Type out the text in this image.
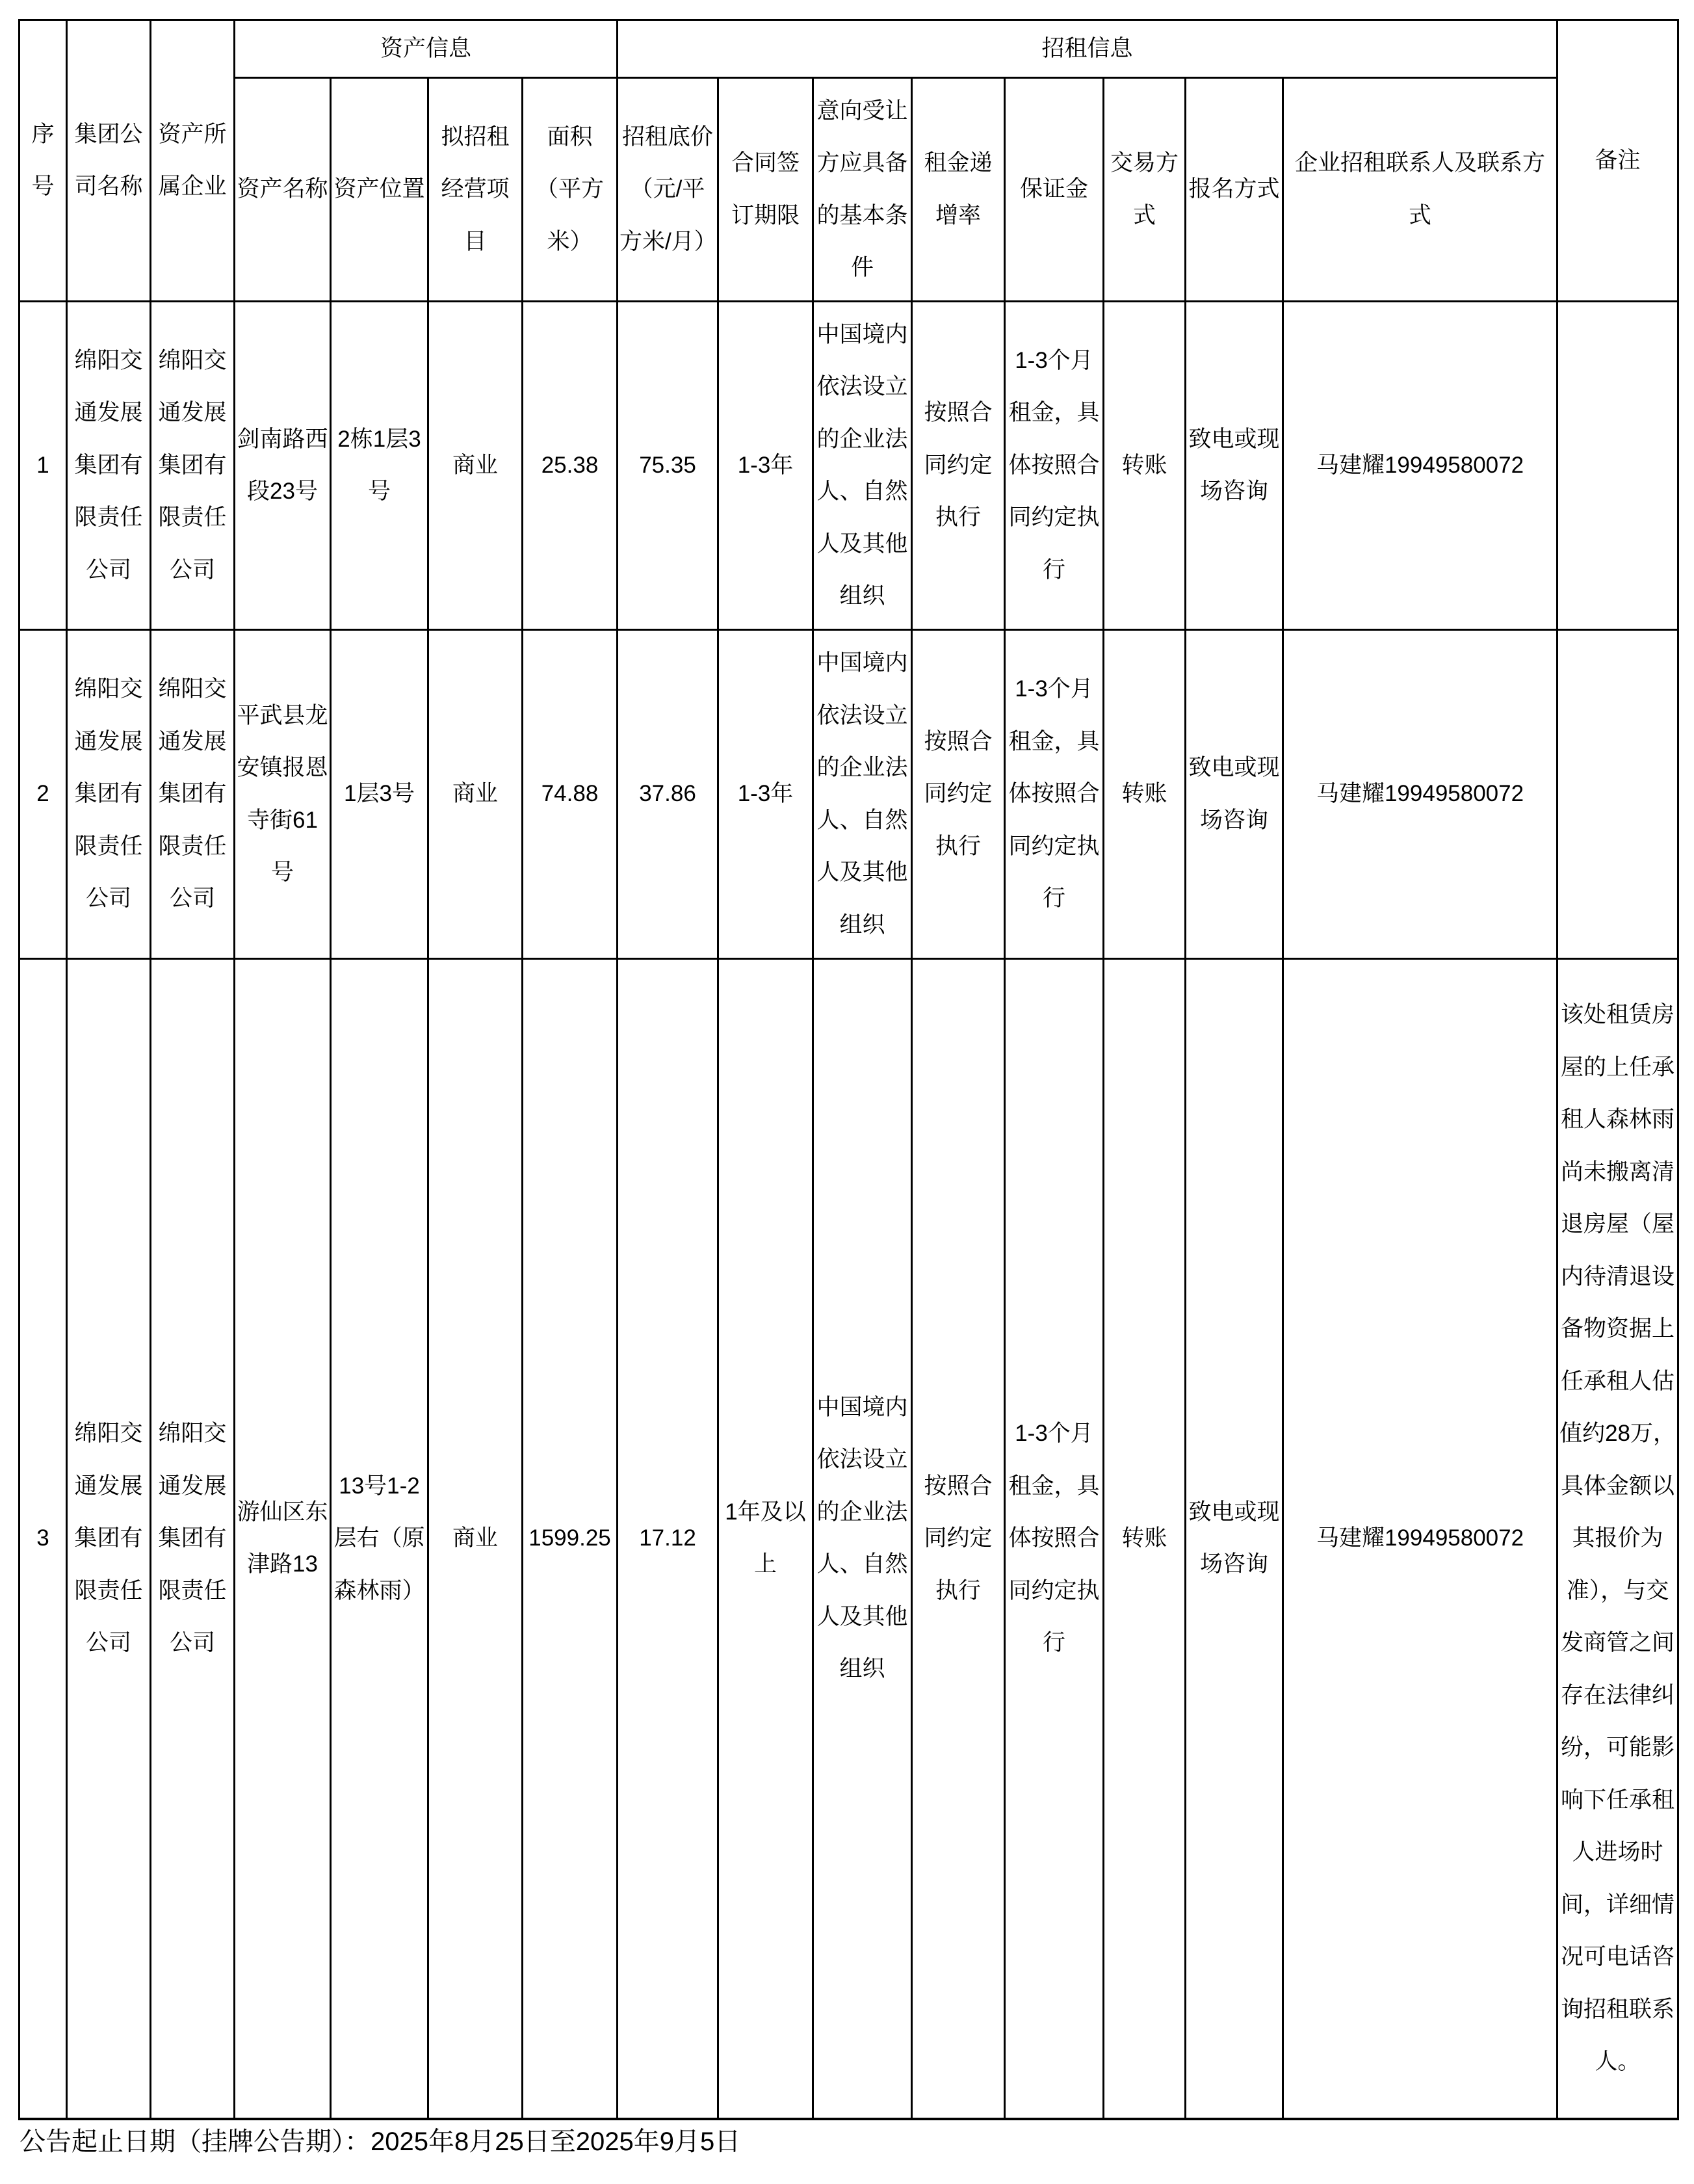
序号	集团公司名称	资产所属企业	资产信息				招租信息								备注
			资产名称	资产位置	拟招租经营项目	面积（平方米）	招租底价（元/平方米/月）	合同签订期限	意向受让方应具备的基本条件	租金递增率	保证金	交易方式	报名方式	企业招租联系人及联系方式	
1	绵阳交通发展集团有限责任公司	绵阳交通发展集团有限责任公司	剑南路西段23号	2栋1层3号	商业	25.38	75.35	1-3年	中国境内依法设立的企业法人、自然人及其他组织	按照合同约定执行	1-3个月租金，具体按照合同约定执行	转账	致电或现场咨询	马建耀19949580072	
2	绵阳交通发展集团有限责任公司	绵阳交通发展集团有限责任公司	平武县龙安镇报恩寺街61号	1层3号	商业	74.88	37.86	1-3年	中国境内依法设立的企业法人、自然人及其他组织	按照合同约定执行	1-3个月租金，具体按照合同约定执行	转账	致电或现场咨询	马建耀19949580072	
3	绵阳交通发展集团有限责任公司	绵阳交通发展集团有限责任公司	游仙区东津路13	13号1-2层右（原森林雨）	商业	1599.25	17.12	1年及以上	中国境内依法设立的企业法人、自然人及其他组织	按照合同约定执行	1-3个月租金，具体按照合同约定执行	转账	致电或现场咨询	马建耀19949580072	该处租赁房屋的上任承租人森林雨尚未搬离清退房屋（屋内待清退设备物资据上任承租人估值约28万，具体金额以其报价为准），与交发商管之间存在法律纠纷，可能影响下任承租人进场时间，详细情况可电话咨询招租联系人。
公告起止日期（挂牌公告期）：2025年8月25日至2025年9月5日
